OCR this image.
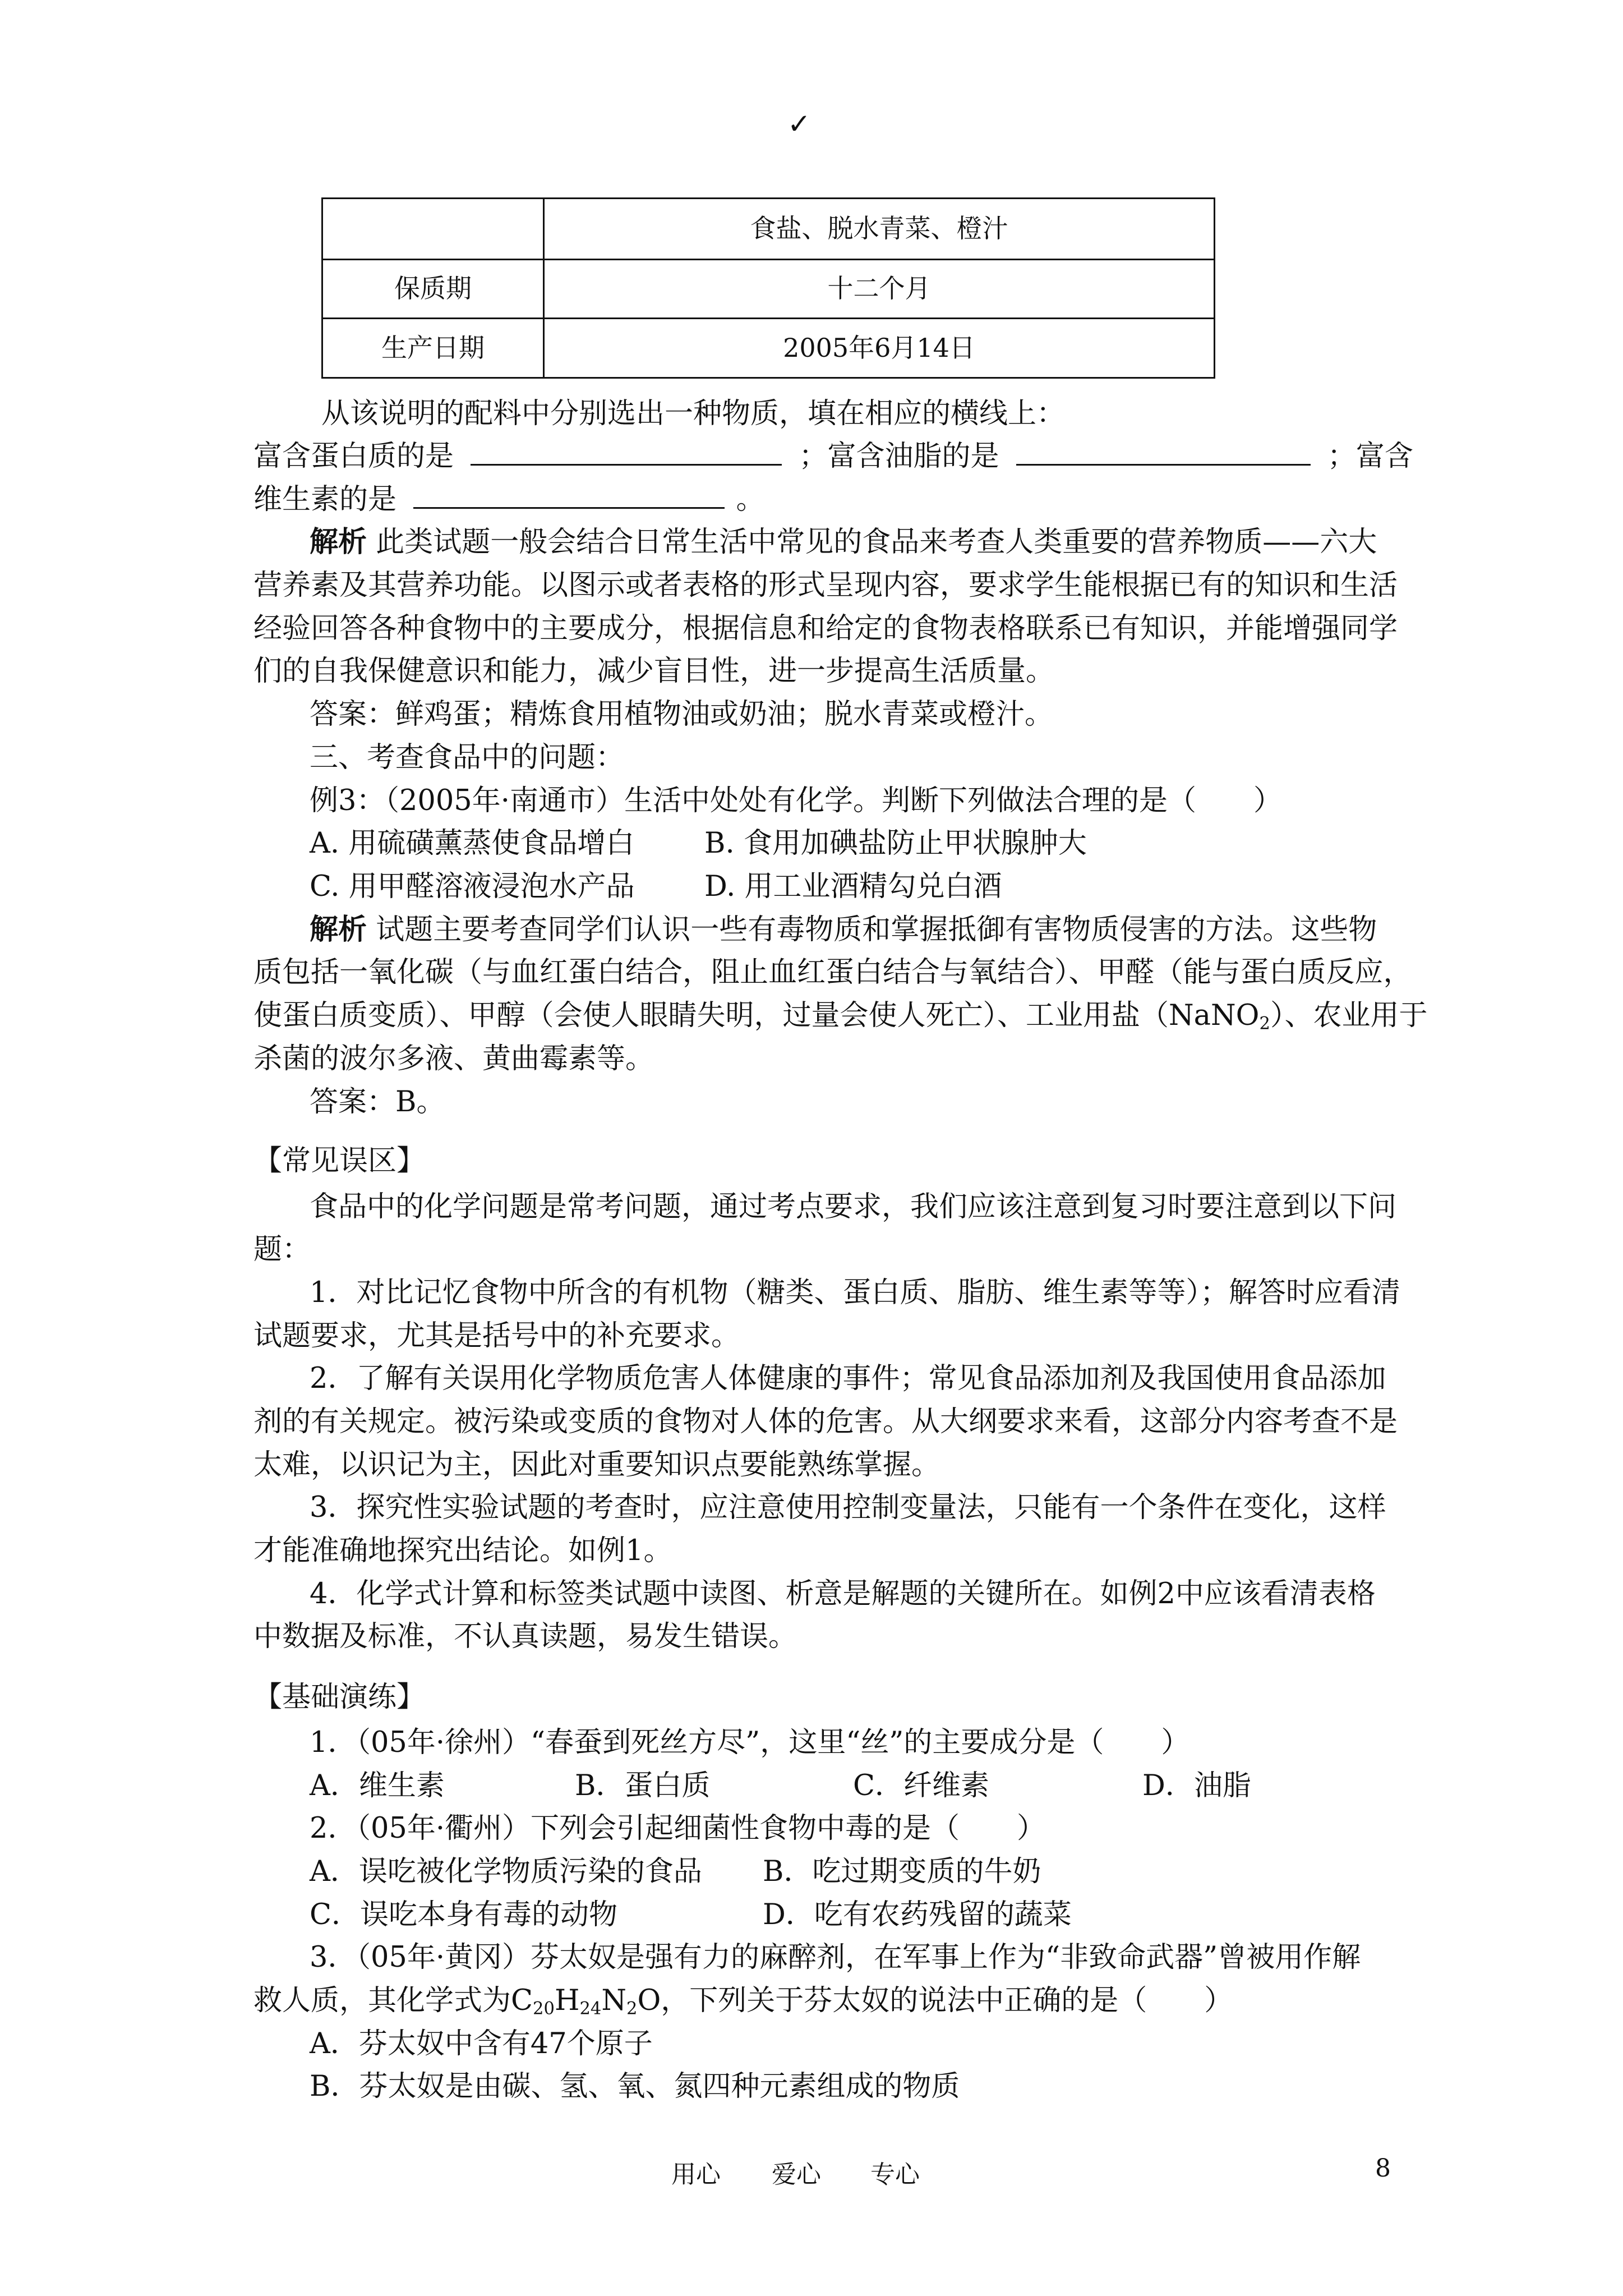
✓
	食盐、脱水青菜、橙汁
保质期	十二个月
生产日期	2005年6月14日
从该说明的配料中分别选出一种物质，填在相应的横线上：
富含蛋白质的是	；富含油脂的是	；富含
维生素的是	。
解析 此类试题一般会结合日常生活中常见的食品来考查人类重要的营养物质——六大
营养素及其营养功能。以图示或者表格的形式呈现内容，要求学生能根据已有的知识和生活
经验回答各种食物中的主要成分，根据信息和给定的食物表格联系已有知识，并能增强同学
们的自我保健意识和能力，减少盲目性，进一步提高生活质量。
答案：鲜鸡蛋；精炼食用植物油或奶油；脱水青菜或橙汁。
三、考查食品中的问题：
例3：（2005年·南通市）生活中处处有化学。判断下列做法合理的是（　　）
A. 用硫磺薰蒸使食品增白 B. 食用加碘盐防止甲状腺肿大
C. 用甲醛溶液浸泡水产品 D. 用工业酒精勾兑白酒
解析 试题主要考查同学们认识一些有毒物质和掌握抵御有害物质侵害的方法。这些物
质包括一氧化碳（与血红蛋白结合，阻止血红蛋白结合与氧结合）、甲醛（能与蛋白质反应，
使蛋白质变质）、甲醇（会使人眼睛失明，过量会使人死亡）、工业用盐（NaNO$_2$）、农业用于
杀菌的波尔多液、黄曲霉素等。
答案：B。
【常见误区】
食品中的化学问题是常考问题，通过考点要求，我们应该注意到复习时要注意到以下问
题：
1．对比记忆食物中所含的有机物（糖类、蛋白质、脂肪、维生素等等）；解答时应看清
试题要求，尤其是括号中的补充要求。
2．了解有关误用化学物质危害人体健康的事件；常见食品添加剂及我国使用食品添加
剂的有关规定。被污染或变质的食物对人体的危害。从大纲要求来看，这部分内容考查不是
太难，以识记为主，因此对重要知识点要能熟练掌握。
3．探究性实验试题的考查时，应注意使用控制变量法，只能有一个条件在变化，这样
才能准确地探究出结论。如例1。
4．化学式计算和标签类试题中读图、析意是解题的关键所在。如例2中应该看清表格
中数据及标准，不认真读题，易发生错误。
【基础演练】
1．（05年·徐州）“春蚕到死丝方尽”，这里“丝”的主要成分是（　　）
A．维生素	B．蛋白质	C．纤维素	D．油脂
2．（05年·衢州）下列会引起细菌性食物中毒的是（　　）
A．误吃被化学物质污染的食品 B．吃过期变质的牛奶
C．误吃本身有毒的动物	D．吃有农药残留的蔬菜
3．（05年·黄冈）芬太奴是强有力的麻醉剂，在军事上作为“非致命武器”曾被用作解
救人质，其化学式为$C_{20}H_{24}N_2O$，下列关于芬太奴的说法中正确的是（　　）
A．芬太奴中含有47个原子
B．芬太奴是由碳、氢、氧、氮四种元素组成的物质
用心 爱心 专心	8
